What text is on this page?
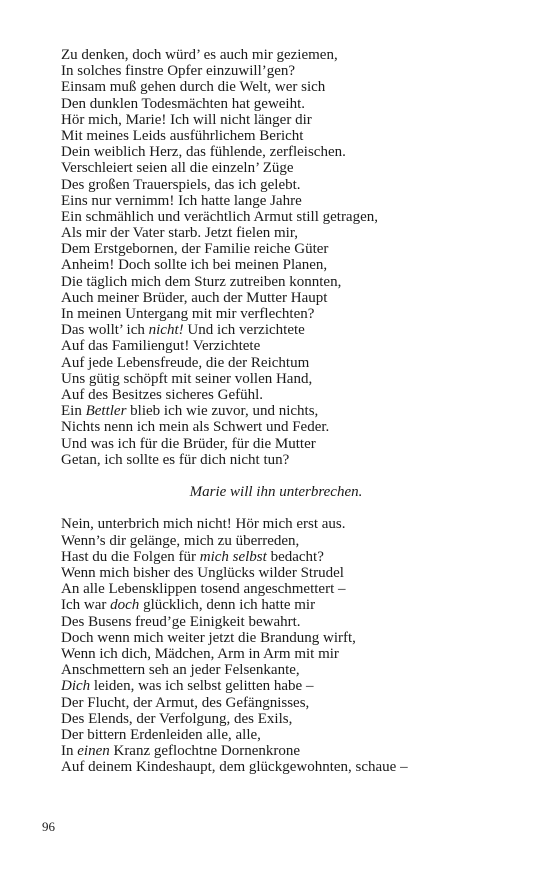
Zu denken, doch würd’ es auch mir geziemen,
In solches finstre Opfer einzuwill’gen?
Einsam muß gehen durch die Welt, wer sich
Den dunklen Todesmächten hat geweiht.
Hör mich, Marie! Ich will nicht länger dir
Mit meines Leids ausführlichem Bericht
Dein weiblich Herz, das fühlende, zerfleischen.
Verschleiert seien all die einzeln’ Züge
Des großen Trauerspiels, das ich gelebt.
Eins nur vernimm! Ich hatte lange Jahre
Ein schmählich und verächtlich Armut still getragen,
Als mir der Vater starb. Jetzt fielen mir,
Dem Erstgebornen, der Familie reiche Güter
Anheim! Doch sollte ich bei meinen Planen,
Die täglich mich dem Sturz zutreiben konnten,
Auch meiner Brüder, auch der Mutter Haupt
In meinen Untergang mit mir verflechten?
Das wollt’ ich nicht! Und ich verzichtete
Auf das Familiengut! Verzichtete
Auf jede Lebensfreude, die der Reichtum
Uns gütig schöpft mit seiner vollen Hand,
Auf des Besitzes sicheres Gefühl.
Ein Bettler blieb ich wie zuvor, und nichts,
Nichts nenn ich mein als Schwert und Feder.
Und was ich für die Brüder, für die Mutter
Getan, ich sollte es für dich nicht tun?
Marie will ihn unterbrechen.
Nein, unterbrich mich nicht! Hör mich erst aus.
Wenn’s dir gelänge, mich zu überreden,
Hast du die Folgen für mich selbst bedacht?
Wenn mich bisher des Unglücks wilder Strudel
An alle Lebensklippen tosend angeschmettert –
Ich war doch glücklich, denn ich hatte mir
Des Busens freud’ge Einigkeit bewahrt.
Doch wenn mich weiter jetzt die Brandung wirft,
Wenn ich dich, Mädchen, Arm in Arm mit mir
Anschmettern seh an jeder Felsenkante,
Dich leiden, was ich selbst gelitten habe –
Der Flucht, der Armut, des Gefängnisses,
Des Elends, der Verfolgung, des Exils,
Der bittern Erdenleiden alle, alle,
In einen Kranz geflochtne Dornenkrone
Auf deinem Kindeshaupt, dem glückgewohnten, schaue –
96
